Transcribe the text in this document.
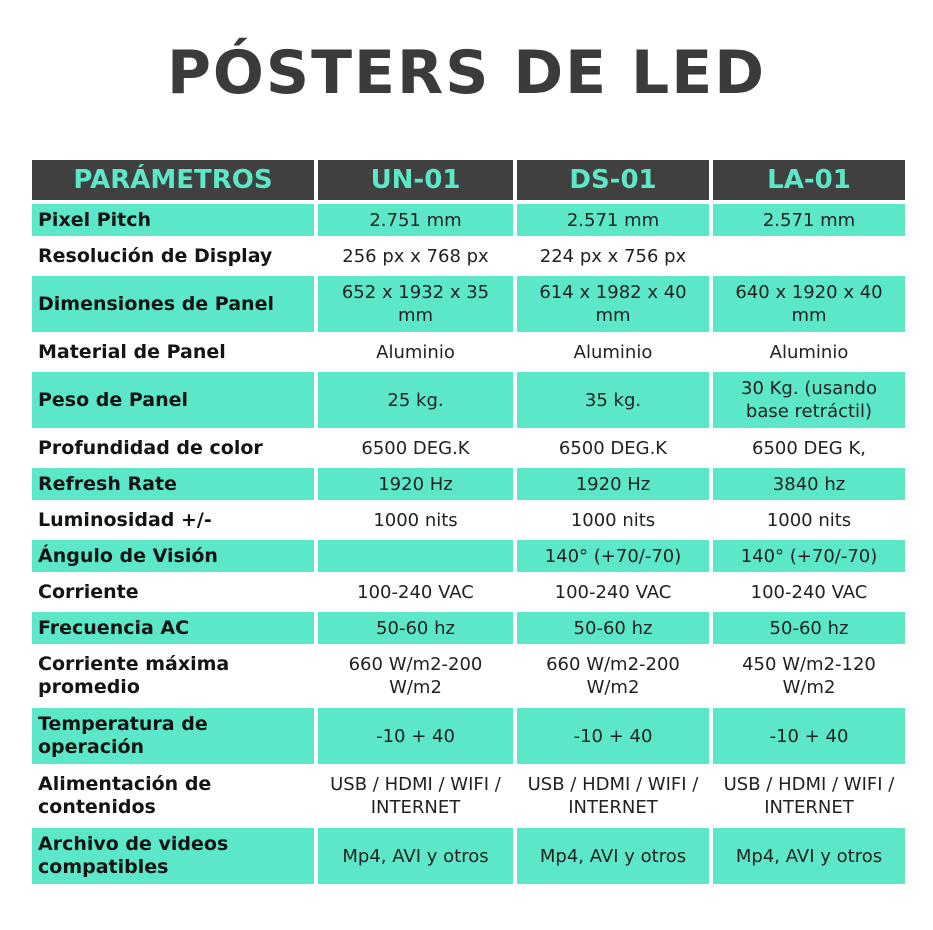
PÓSTERS DE LED
PARÁMETROS	UN-01	DS-01	LA-01
Pixel Pitch	2.751 mm	2.571 mm	2.571 mm
Resolución de Display	256 px x 768 px	224 px x 756 px	
Dimensiones de Panel	652 x 1932 x 35 mm	614 x 1982 x 40 mm	640 x 1920 x 40 mm
Material de Panel	Aluminio	Aluminio	Aluminio
Peso de Panel	25 kg.	35 kg.	30 Kg. (usando base retráctil)
Profundidad de color	6500 DEG.K	6500 DEG.K	6500 DEG K,
Refresh Rate	1920 Hz	1920 Hz	3840 hz
Luminosidad +/-	1000 nits	1000 nits	1000 nits
Ángulo de Visión		140° (+70/-70)	140° (+70/-70)
Corriente	100-240 VAC	100-240 VAC	100-240 VAC
Frecuencia AC	50-60 hz	50-60 hz	50-60 hz
Corriente máxima promedio	660 W/m2-200 W/m2	660 W/m2-200 W/m2	450 W/m2-120 W/m2
Temperatura de operación	-10 + 40	-10 + 40	-10 + 40
Alimentación de contenidos	USB / HDMI / WIFI / INTERNET	USB / HDMI / WIFI / INTERNET	USB / HDMI / WIFI / INTERNET
Archivo de videos compatibles	Mp4, AVI y otros	Mp4, AVI y otros	Mp4, AVI y otros
